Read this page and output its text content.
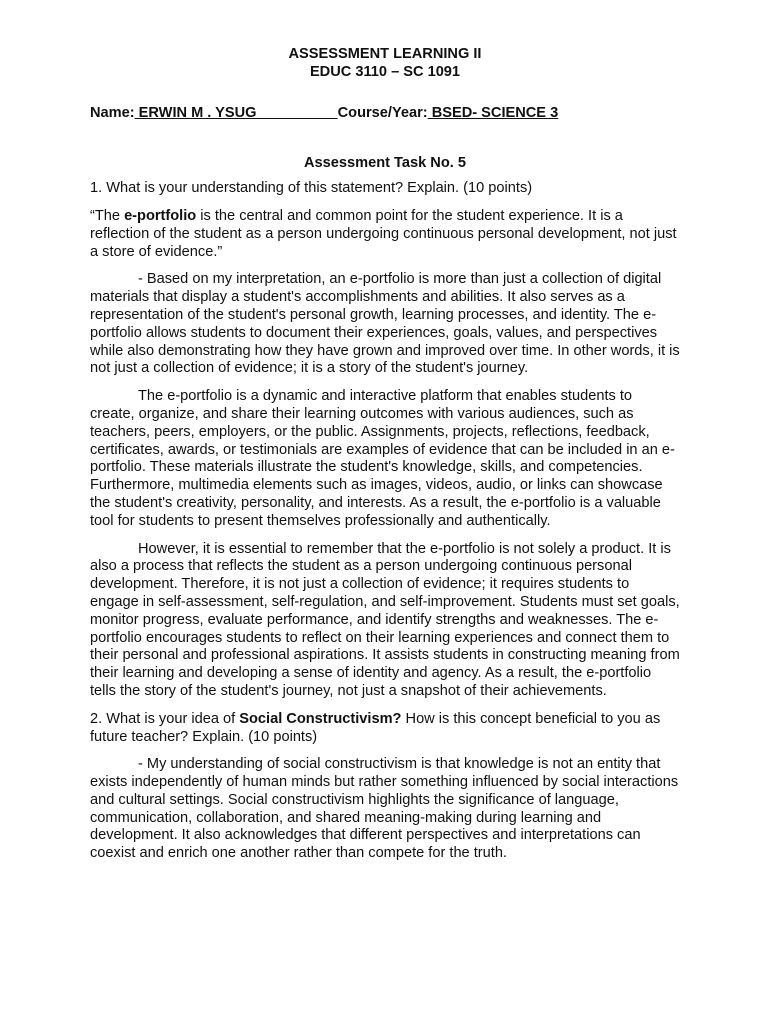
ASSESSMENT LEARNING II

EDUC 3110 – SC 1091

Name: ERWIN M . YSUG                    Course/Year: BSED- SCIENCE 3

Assessment Task No. 5

1. What is your understanding of this statement? Explain. (10 points)

“The e-portfolio is the central and common point for the student experience. It is a reflection of the student as a person undergoing continuous personal development, not just a store of evidence.”

- Based on my interpretation, an e-portfolio is more than just a collection of digital materials that display a student's accomplishments and abilities. It also serves as a representation of the student's personal growth, learning processes, and identity. The e-portfolio allows students to document their experiences, goals, values, and perspectives while also demonstrating how they have grown and improved over time. In other words, it is not just a collection of evidence; it is a story of the student's journey.

The e-portfolio is a dynamic and interactive platform that enables students to create, organize, and share their learning outcomes with various audiences, such as teachers, peers, employers, or the public. Assignments, projects, reflections, feedback, certificates, awards, or testimonials are examples of evidence that can be included in an e-portfolio. These materials illustrate the student's knowledge, skills, and competencies. Furthermore, multimedia elements such as images, videos, audio, or links can showcase the student's creativity, personality, and interests. As a result, the e-portfolio is a valuable tool for students to present themselves professionally and authentically.

However, it is essential to remember that the e-portfolio is not solely a product. It is also a process that reflects the student as a person undergoing continuous personal development. Therefore, it is not just a collection of evidence; it requires students to engage in self-assessment, self-regulation, and self-improvement. Students must set goals, monitor progress, evaluate performance, and identify strengths and weaknesses. The e-portfolio encourages students to reflect on their learning experiences and connect them to their personal and professional aspirations. It assists students in constructing meaning from their learning and developing a sense of identity and agency. As a result, the e-portfolio tells the story of the student's journey, not just a snapshot of their achievements.

2. What is your idea of Social Constructivism? How is this concept beneficial to you as future teacher? Explain. (10 points)

- My understanding of social constructivism is that knowledge is not an entity that exists independently of human minds but rather something influenced by social interactions and cultural settings. Social constructivism highlights the significance of language, communication, collaboration, and shared meaning-making during learning and development. It also acknowledges that different perspectives and interpretations can coexist and enrich one another rather than compete for the truth.
